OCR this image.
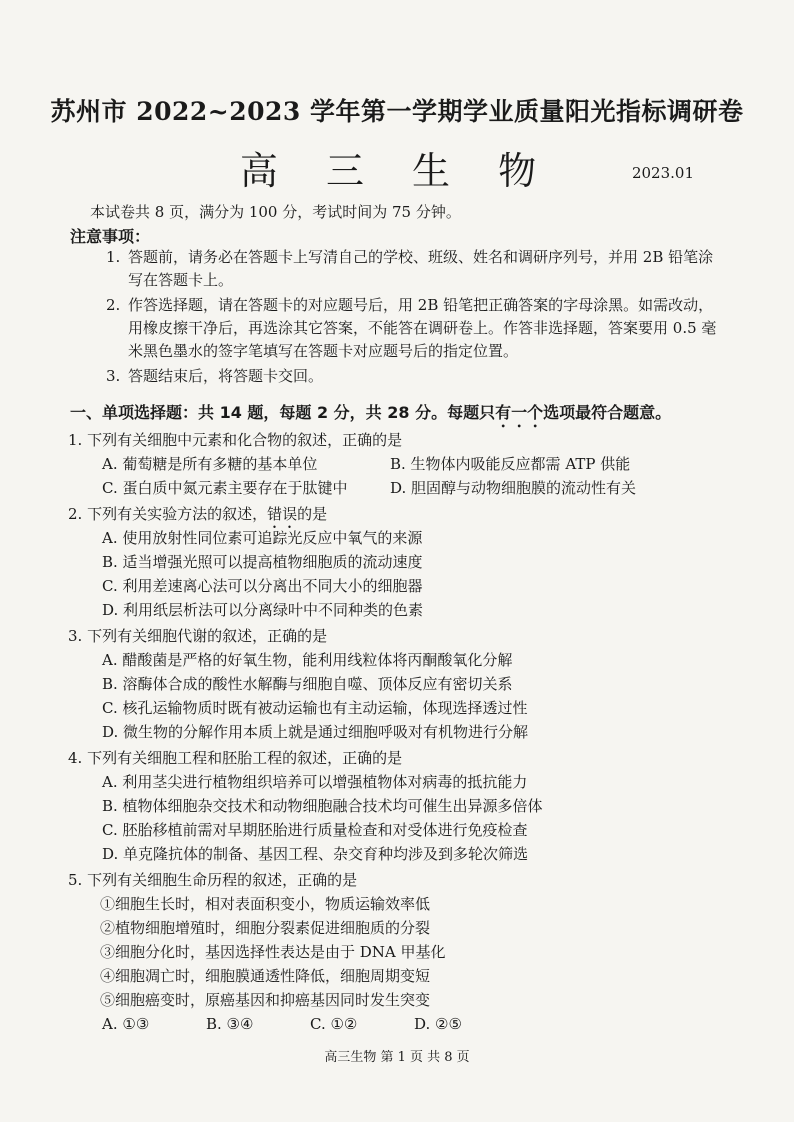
苏州市 2022~2023 学年第一学期学业质量阳光指标调研卷
高 三 生 物	2023.01
本试卷共 8 页，满分为 100 分，考试时间为 75 分钟。
注意事项：
1. 答题前，请务必在答题卡上写清自己的学校、班级、姓名和调研序列号，并用 2B 铅笔涂写在答题卡上。
2. 作答选择题，请在答题卡的对应题号后，用 2B 铅笔把正确答案的字母涂黑。如需改动，用橡皮擦干净后，再选涂其它答案，不能答在调研卷上。作答非选择题，答案要用 0.5 毫米黑色墨水的签字笔填写在答题卡对应题号后的指定位置。
3. 答题结束后，将答题卡交回。
一、单项选择题：共 14 题，每题 2 分，共 28 分。每题只有一个选项最符合题意。
1. 下列有关细胞中元素和化合物的叙述，正确的是
A. 葡萄糖是所有多糖的基本单位	B. 生物体内吸能反应都需 ATP 供能
C. 蛋白质中氮元素主要存在于肽键中	D. 胆固醇与动物细胞膜的流动性有关
2. 下列有关实验方法的叙述，错误的是
A. 使用放射性同位素可追踪光反应中氧气的来源
B. 适当增强光照可以提高植物细胞质的流动速度
C. 利用差速离心法可以分离出不同大小的细胞器
D. 利用纸层析法可以分离绿叶中不同种类的色素
3. 下列有关细胞代谢的叙述，正确的是
A. 醋酸菌是严格的好氧生物，能利用线粒体将丙酮酸氧化分解
B. 溶酶体合成的酸性水解酶与细胞自噬、顶体反应有密切关系
C. 核孔运输物质时既有被动运输也有主动运输，体现选择透过性
D. 微生物的分解作用本质上就是通过细胞呼吸对有机物进行分解
4. 下列有关细胞工程和胚胎工程的叙述，正确的是
A. 利用茎尖进行植物组织培养可以增强植物体对病毒的抵抗能力
B. 植物体细胞杂交技术和动物细胞融合技术均可催生出异源多倍体
C. 胚胎移植前需对早期胚胎进行质量检查和对受体进行免疫检查
D. 单克隆抗体的制备、基因工程、杂交育种均涉及到多轮次筛选
5. 下列有关细胞生命历程的叙述，正确的是
①细胞生长时，相对表面积变小，物质运输效率低
②植物细胞增殖时，细胞分裂素促进细胞质的分裂
③细胞分化时，基因选择性表达是由于 DNA 甲基化
④细胞凋亡时，细胞膜通透性降低，细胞周期变短
⑤细胞癌变时，原癌基因和抑癌基因同时发生突变
A. ①③	B. ③④	C. ①②	D. ②⑤
高三生物 第 1 页 共 8 页
